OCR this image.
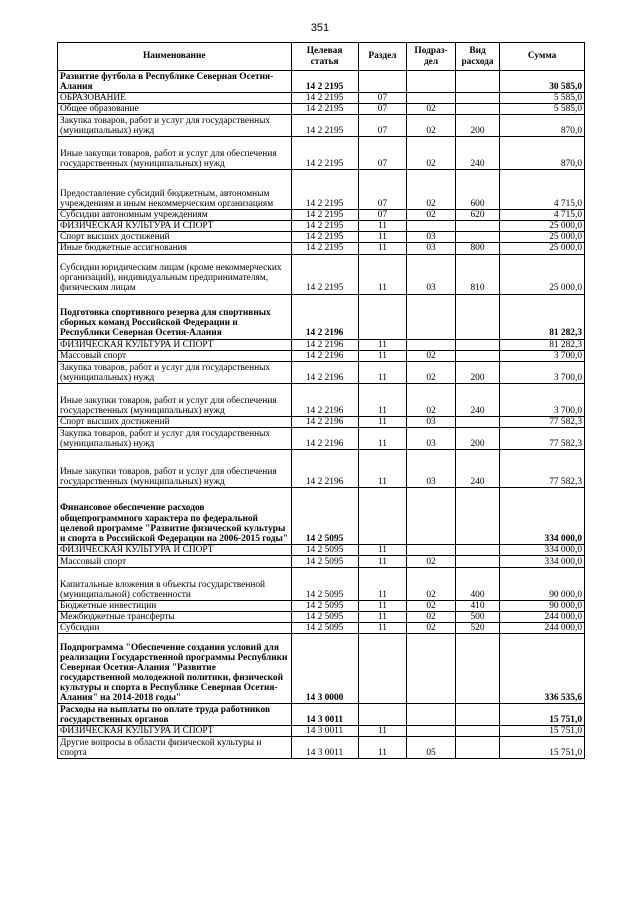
351
Наименование	Целевая статья	Раздел	Подраз-дел	Вид расхода	Сумма
Развитие футбола в Республике Северная Осетия-Алания	14 2 2195				30 585,0
ОБРАЗОВАНИЕ	14 2 2195	07			5 585,0
Общее образование	14 2 2195	07	02		5 585,0
Закупка товаров, работ и услуг для государственных (муниципальных) нужд	14 2 2195	07	02	200	870,0
Иные закупки товаров, работ и услуг для обеспечения государственных (муниципальных) нужд	14 2 2195	07	02	240	870,0
Предоставление субсидий бюджетным, автономным учреждениям и иным некоммерческим организациям	14 2 2195	07	02	600	4 715,0
Субсидии автономным учреждениям	14 2 2195	07	02	620	4 715,0
ФИЗИЧЕСКАЯ КУЛЬТУРА И СПОРТ	14 2 2195	11			25 000,0
Спорт высших достижений	14 2 2195	11	03		25 000,0
Иные бюджетные ассигнования	14 2 2195	11	03	800	25 000,0
Субсидии юридическим лицам (кроме некоммерческих организаций), индивидуальным предпринимателям, физическим лицам	14 2 2195	11	03	810	25 000,0
Подготовка спортивного резерва для спортивных сборных команд Российской Федерации и Республики Северная Осетия-Алания	14 2 2196				81 282,3
ФИЗИЧЕСКАЯ КУЛЬТУРА И СПОРТ	14 2 2196	11			81 282,3
Массовый спорт	14 2 2196	11	02		3 700,0
Закупка товаров, работ и услуг для государственных (муниципальных) нужд	14 2 2196	11	02	200	3 700,0
Иные закупки товаров, работ и услуг для обеспечения государственных (муниципальных) нужд	14 2 2196	11	02	240	3 700,0
Спорт высших достижений	14 2 2196	11	03		77 582,3
Закупка товаров, работ и услуг для государственных (муниципальных) нужд	14 2 2196	11	03	200	77 582,3
Иные закупки товаров, работ и услуг для обеспечения государственных (муниципальных) нужд	14 2 2196	11	03	240	77 582,3
Финансовое обеспечение расходов общепрограммного характера по федеральной целевой программе "Развитие физической культуры и спорта в Российской Федерации на 2006-2015 годы"	14 2 5095				334 000,0
ФИЗИЧЕСКАЯ КУЛЬТУРА И СПОРТ	14 2 5095	11			334 000,0
Массовый спорт	14 2 5095	11	02		334 000,0
Капитальные вложения в объекты государственной (муниципальной) собственности	14 2 5095	11	02	400	90 000,0
Бюджетные инвестиции	14 2 5095	11	02	410	90 000,0
Межбюджетные трансферты	14 2 5095	11	02	500	244 000,0
Субсидии	14 2 5095	11	02	520	244 000,0
Подпрограмма "Обеспечение создания условий для реализации Государственной программы Республики Северная Осетия-Алания "Развитие государственной молодежной политики, физической культуры и спорта в Республике Северная Осетия-Алания" на 2014-2018 годы"	14 3 0000				336 535,6
Расходы на выплаты по оплате труда работников государственных органов	14 3 0011				15 751,0
ФИЗИЧЕСКАЯ КУЛЬТУРА И СПОРТ	14 3 0011	11			15 751,0
Другие вопросы в области физической культуры и спорта	14 3 0011	11	05		15 751,0
